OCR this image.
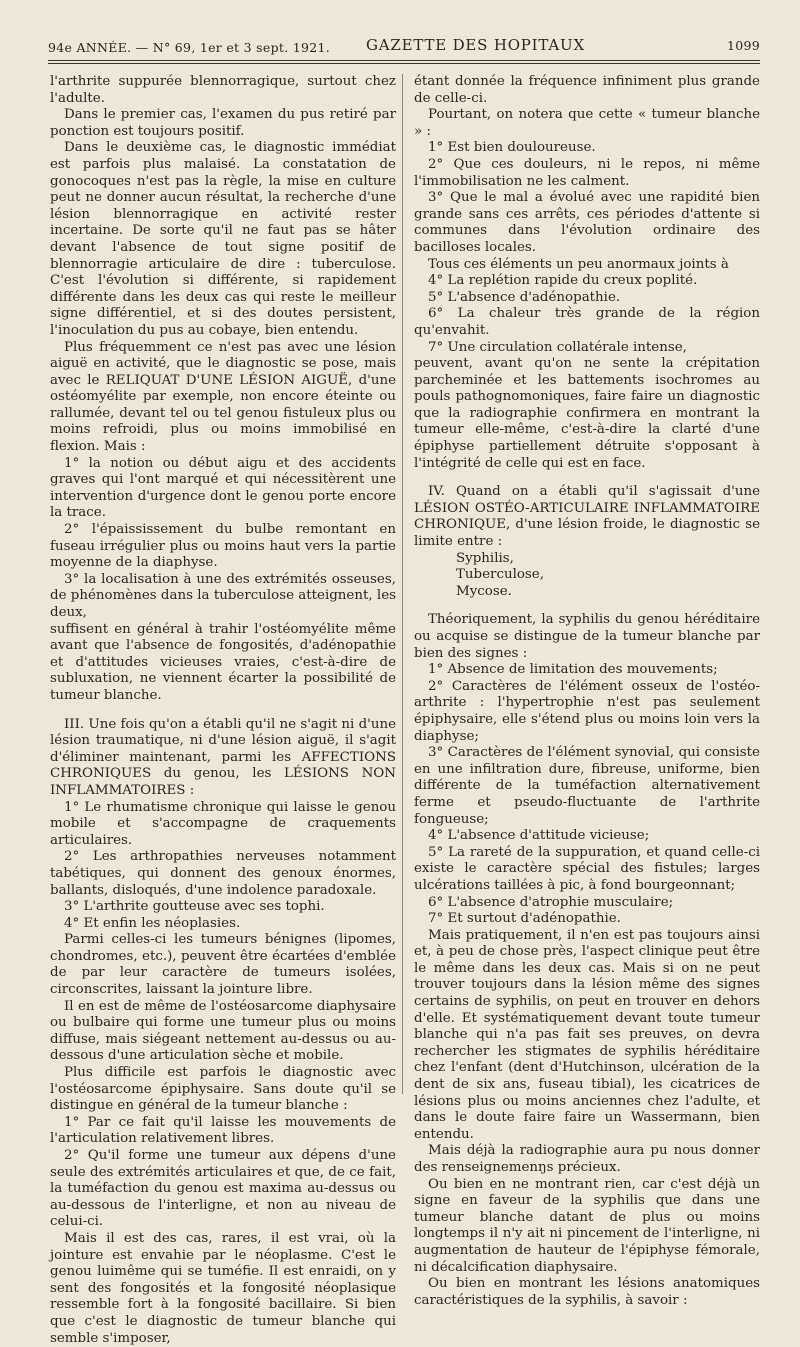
94e ANNÉE. — N° 69, 1er et 3 sept. 1921. GAZETTE DES HOPITAUX	1099

l'arthrite suppurée blennorragique, surtout chez l'adulte.

Dans le premier cas, l'examen du pus retiré par ponction est toujours positif.

Dans le deuxième cas, le diagnostic immédiat est parfois plus malaisé. La constatation de gonocoques n'est pas la règle, la mise en culture peut ne donner aucun résultat, la recherche d'une lésion blennorragique en activité rester incertaine. De sorte qu'il ne faut pas se hâter devant l'absence de tout signe positif de blennorragie articulaire de dire : tuberculose. C'est l'évolution si différente, si rapidement différente dans les deux cas qui reste le meilleur signe différentiel, et si des doutes persistent, l'inoculation du pus au cobaye, bien entendu.

Plus fréquemment ce n'est pas avec une lésion aiguë en activité, que le diagnostic se pose, mais avec le RELIQUAT D'UNE LÉSION AIGUË, d'une ostéomyélite par exemple, non encore éteinte ou rallumée, devant tel ou tel genou fistuleux plus ou moins refroidi, plus ou moins immobilisé en flexion. Mais :

1° la notion ou début aigu et des accidents graves qui l'ont marqué et qui nécessitèrent une intervention d'urgence dont le genou porte encore la trace.

2° l'épaississement du bulbe remontant en fuseau irrégulier plus ou moins haut vers la partie moyenne de la diaphyse.

3° la localisation à une des extrémités osseuses, de phénomènes dans la tuberculose atteignent, les deux,

suffisent en général à trahir l'ostéomyélite même avant que l'absence de fongosités, d'adénopathie et d'attitudes vicieuses vraies, c'est-à-dire de subluxation, ne viennent écarter la possibilité de tumeur blanche.

III. Une fois qu'on a établi qu'il ne s'agit ni d'une lésion traumatique, ni d'une lésion aiguë, il s'agit d'éliminer maintenant, parmi les AFFECTIONS CHRONIQUES du genou, les LÉSIONS NON INFLAMMATOIRES :

1° Le rhumatisme chronique qui laisse le genou mobile et s'accompagne de craquements articulaires.

2° Les arthropathies nerveuses notamment tabétiques, qui donnent des genoux énormes, ballants, disloqués, d'une indolence paradoxale.

3° L'arthrite goutteuse avec ses tophi.

4° Et enfin les néoplasies.

Parmi celles-ci les tumeurs bénignes (lipomes, chondromes, etc.), peuvent être écartées d'emblée de par leur caractère de tumeurs isolées, circonscrites, laissant la jointure libre.

Il en est de même de l'ostéosarcome diaphysaire ou bulbaire qui forme une tumeur plus ou moins diffuse, mais siégeant nettement au-dessus ou au-dessous d'une articulation sèche et mobile.

Plus difficile est parfois le diagnostic avec l'ostéosarcome épiphysaire. Sans doute qu'il se distingue en général de la tumeur blanche :

1° Par ce fait qu'il laisse les mouvements de l'articulation relativement libres.

2° Qu'il forme une tumeur aux dépens d'une seule des extrémités articulaires et que, de ce fait, la tuméfaction du genou est maxima au-dessus ou au-dessous de l'interligne, et non au niveau de celui-ci.

Mais il est des cas, rares, il est vrai, où la jointure est envahie par le néoplasme. C'est le genou luimême qui se tuméfie. Il est enraidi, on y sent des fongosités et la fongosité néoplasique ressemble fort à la fongosité bacillaire. Si bien que c'est le diagnostic de tumeur blanche qui semble s'imposer,

étant donnée la fréquence infiniment plus grande de celle-ci.

Pourtant, on notera que cette « tumeur blanche » :

1° Est bien douloureuse.

2° Que ces douleurs, ni le repos, ni même l'immobilisation ne les calment.

3° Que le mal a évolué avec une rapidité bien grande sans ces arrêts, ces périodes d'attente si communes dans l'évolution ordinaire des bacilloses locales.

Tous ces éléments un peu anormaux joints à

4° La replétion rapide du creux poplité.

5° L'absence d'adénopathie.

6° La chaleur très grande de la région qu'envahit.

7° Une circulation collatérale intense,

peuvent, avant qu'on ne sente la crépitation parcheminée et les battements isochromes au pouls pathognomoniques, faire faire un diagnostic que la radiographie confirmera en montrant la tumeur elle-même, c'est-à-dire la clarté d'une épiphyse partiellement détruite s'opposant à l'intégrité de celle qui est en face.

IV. Quand on a établi qu'il s'agissait d'une LÉSION OSTÉO-ARTICULAIRE INFLAMMATOIRE CHRONIQUE, d'une lésion froide, le diagnostic se limite entre :

Syphilis,

Tuberculose,

Mycose.

Théoriquement, la syphilis du genou héréditaire ou acquise se distingue de la tumeur blanche par bien des signes :

1° Absence de limitation des mouvements;

2° Caractères de l'élément osseux de l'ostéo-arthrite : l'hypertrophie n'est pas seulement épiphysaire, elle s'étend plus ou moins loin vers la diaphyse;

3° Caractères de l'élément synovial, qui consiste en une infiltration dure, fibreuse, uniforme, bien différente de la tuméfaction alternativement ferme et pseudo-fluctuante de l'arthrite fongueuse;

4° L'absence d'attitude vicieuse;

5° La rareté de la suppuration, et quand celle-ci existe le caractère spécial des fistules; larges ulcérations taillées à pic, à fond bourgeonnant;

6° L'absence d'atrophie musculaire;

7° Et surtout d'adénopathie.

Mais pratiquement, il n'en est pas toujours ainsi et, à peu de chose près, l'aspect clinique peut être le même dans les deux cas. Mais si on ne peut trouver toujours dans la lésion même des signes certains de syphilis, on peut en trouver en dehors d'elle. Et systématiquement devant toute tumeur blanche qui n'a pas fait ses preuves, on devra rechercher les stigmates de syphilis héréditaire chez l'enfant (dent d'Hutchinson, ulcération de la dent de six ans, fuseau tibial), les cicatrices de lésions plus ou moins anciennes chez l'adulte, et dans le doute faire faire un Wassermann, bien entendu.

Mais déjà la radiographie aura pu nous donner des renseignemenŋs précieux.

Ou bien en ne montrant rien, car c'est déjà un signe en faveur de la syphilis que dans une tumeur blanche datant de plus ou moins longtemps il n'y ait ni pincement de l'interligne, ni augmentation de hauteur de l'épiphyse fémorale, ni décalcification diaphysaire.

Ou bien en montrant les lésions anatomiques caractéristiques de la syphilis, à savoir :
